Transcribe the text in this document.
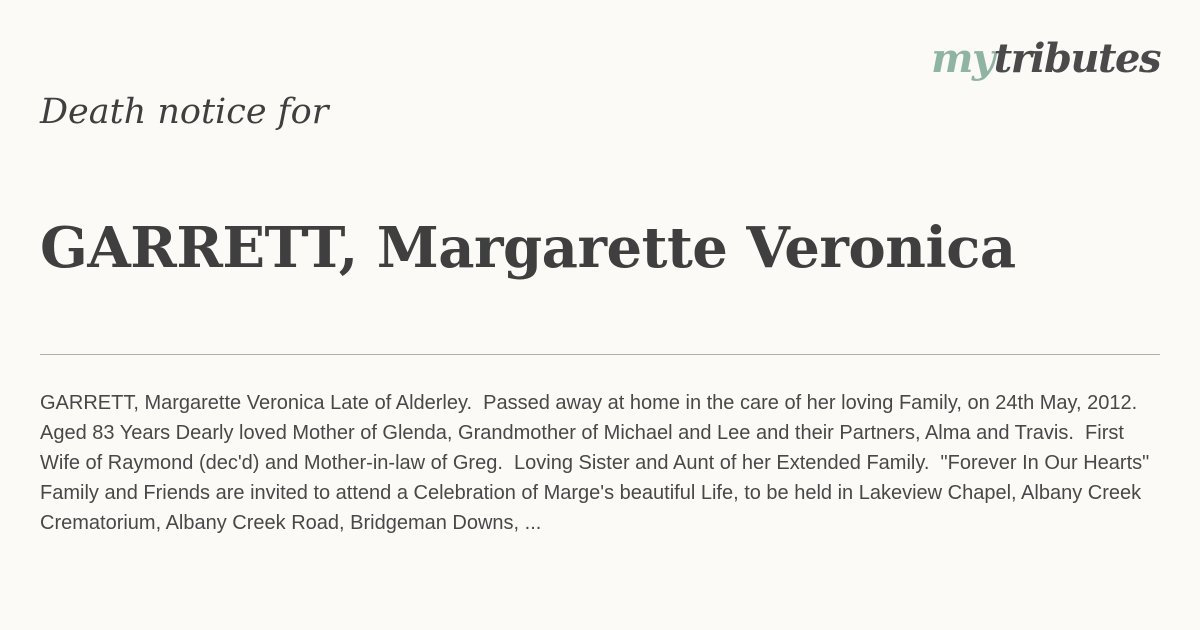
mytributes
Death notice for
GARRETT, Margarette Veronica

GARRETT, Margarette Veronica Late of Alderley.  Passed away at home in the care of her loving Family, on 24th May, 2012. Aged 83 Years Dearly loved Mother of Glenda, Grandmother of Michael and Lee and their Partners, Alma and Travis.  First Wife of Raymond (dec'd) and Mother-in-law of Greg.  Loving Sister and Aunt of her Extended Family.  "Forever In Our Hearts" Family and Friends are invited to attend a Celebration of Marge's beautiful Life, to be held in Lakeview Chapel, Albany Creek Crematorium, Albany Creek Road, Bridgeman Downs, ...
